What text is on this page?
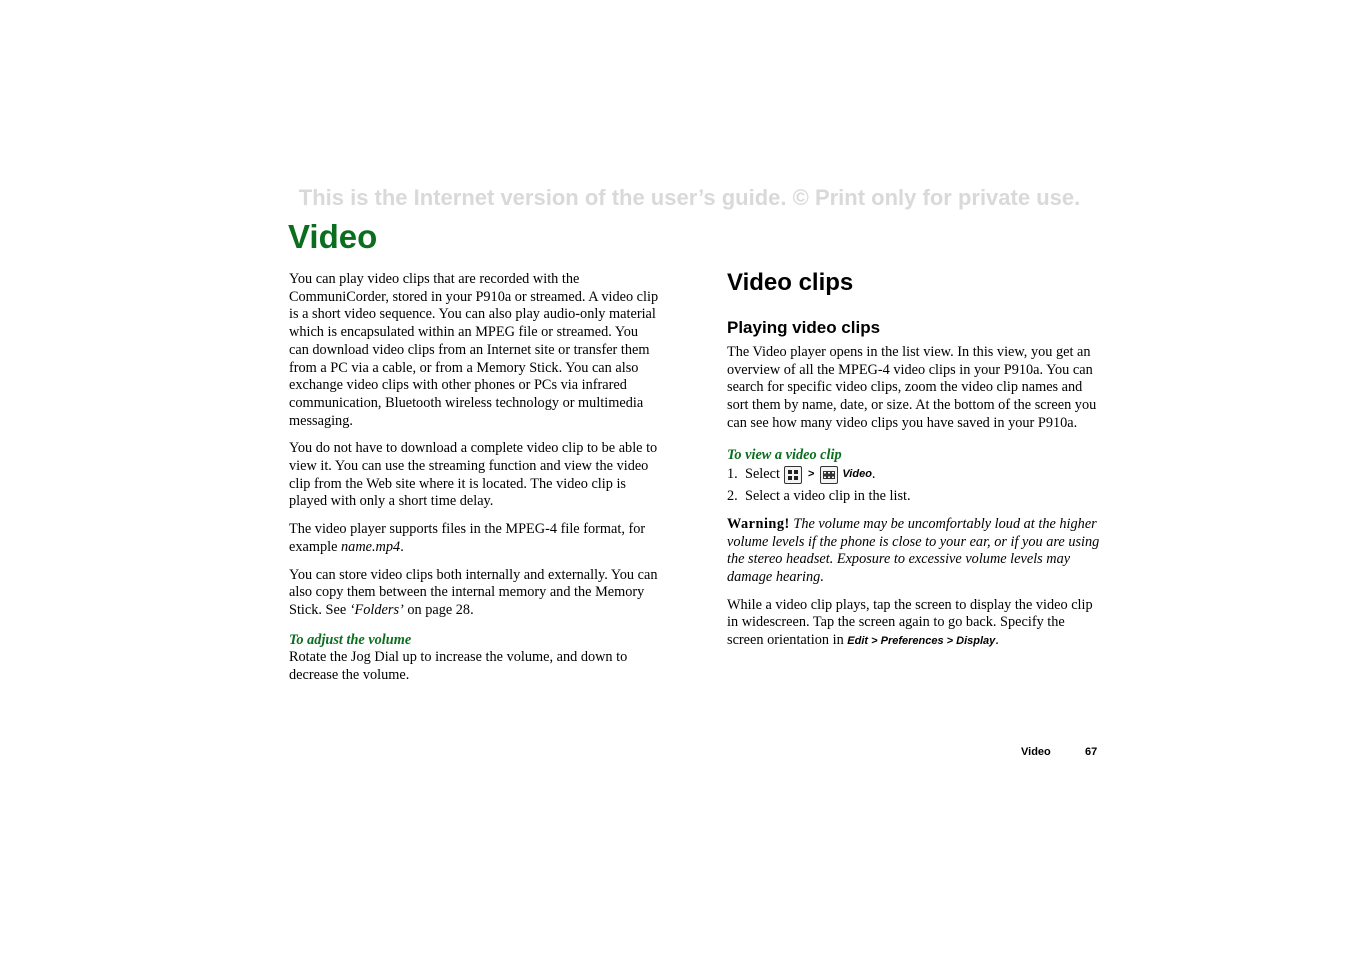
This is the Internet version of the user’s guide. © Print only for private use.
Video

You can play video clips that are recorded with the CommuniCorder, stored in your P910a or streamed. A video clip is a short video sequence. You can also play audio-only material which is encapsulated within an MPEG file or streamed. You can download video clips from an Internet site or transfer them from a PC via a cable, or from a Memory Stick. You can also exchange video clips with other phones or PCs via infrared communication, Bluetooth wireless technology or multimedia messaging.

You do not have to download a complete video clip to be able to view it. You can use the streaming function and view the video clip from the Web site where it is located. The video clip is played with only a short time delay.

The video player supports files in the MPEG-4 file format, for example name.mp4.

You can store video clips both internally and externally. You can also copy them between the internal memory and the Memory Stick. See ‘Folders’ on page 28.

To adjust the volume

Rotate the Jog Dial up to increase the volume, and down to decrease the volume.

Video clips
Playing video clips

The Video player opens in the list view. In this view, you get an overview of all the MPEG-4 video clips in your P910a. You can search for specific video clips, zoom the video clip names and sort them by name, date, or size. At the bottom of the screen you can see how many video clips you have saved in your P910a.

To view a video clip
1. Select	>	Video .
2. Select a video clip in the list.

Warning! The volume may be uncomfortably loud at the higher volume levels if the phone is close to your ear, or if you are using the stereo headset. Exposure to excessive volume levels may damage hearing.

While a video clip plays, tap the screen to display the video clip in widescreen. Tap the screen again to go back. Specify the screen orientation in Edit > Preferences > Display.

Video	67
